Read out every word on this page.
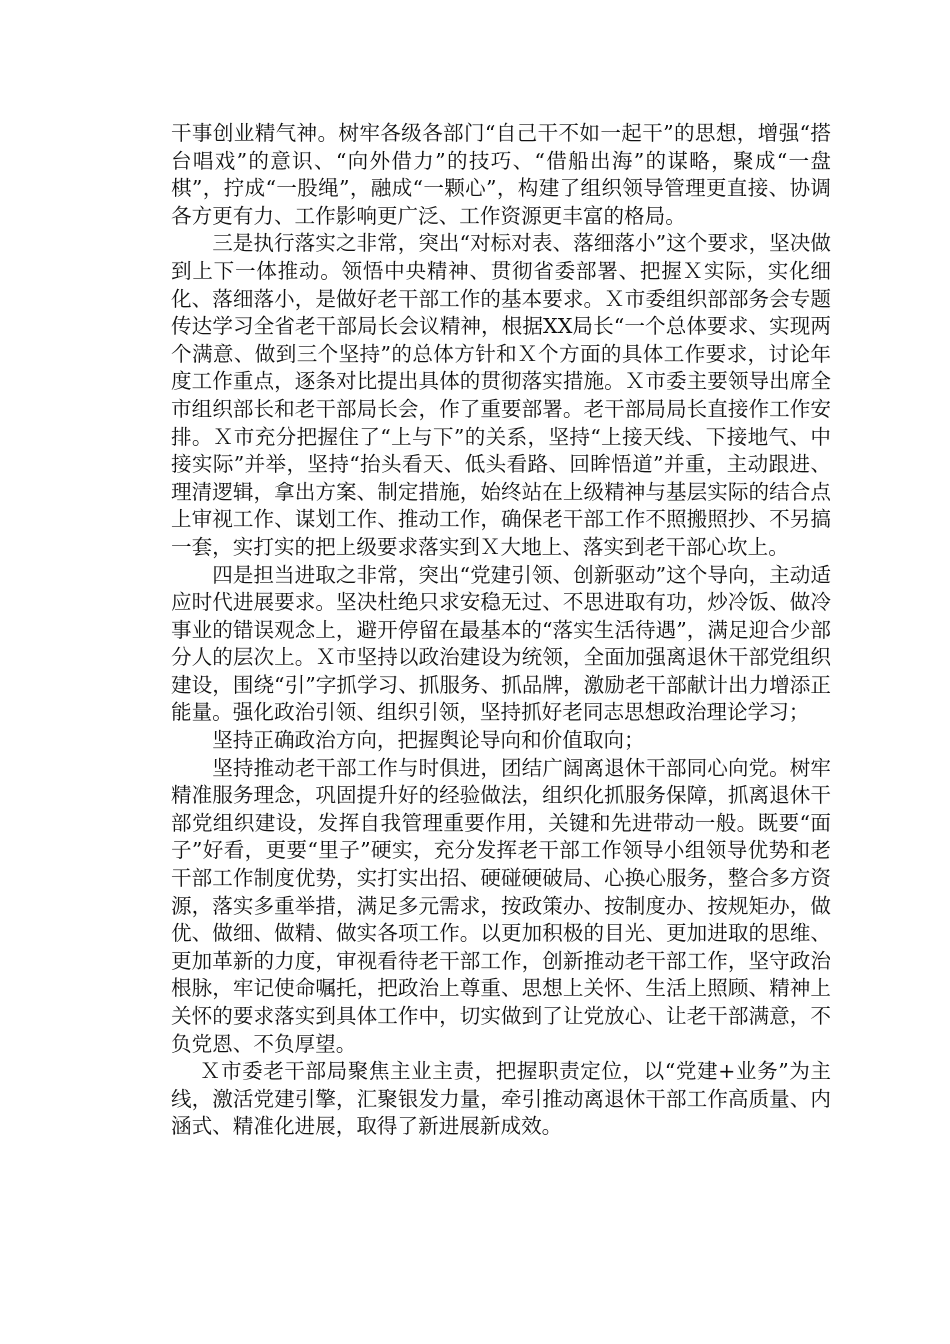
干事创业精气神。树牢各级各部门“自己干不如一起干”的思想，增强“搭台唱戏”的意识、“向外借力”的技巧、“借船出海”的谋略，聚成“一盘棋”，拧成“一股绳”，融成“一颗心”，构建了组织领导管理更直接、协调各方更有力、工作影响更广泛、工作资源更丰富的格局。

三是执行落实之非常，突出“对标对表、落细落小”这个要求，坚决做到上下一体推动。领悟中央精神、贯彻省委部署、把握Ｘ实际，实化细化、落细落小，是做好老干部工作的基本要求。Ｘ市委组织部部务会专题传达学习全省老干部局长会议精神，根据XX局长“一个总体要求、实现两个满意、做到三个坚持”的总体方针和Ｘ个方面的具体工作要求，讨论年度工作重点，逐条对比提出具体的贯彻落实措施。Ｘ市委主要领导出席全市组织部长和老干部局长会，作了重要部署。老干部局局长直接作工作安排。Ｘ市充分把握住了“上与下”的关系，坚持“上接天线、下接地气、中接实际”并举，坚持“抬头看天、低头看路、回眸悟道”并重，主动跟进、理清逻辑，拿出方案、制定措施，始终站在上级精神与基层实际的结合点上审视工作、谋划工作、推动工作，确保老干部工作不照搬照抄、不另搞一套，实打实的把上级要求落实到Ｘ大地上、落实到老干部心坎上。

四是担当进取之非常，突出“党建引领、创新驱动”这个导向，主动适应时代进展要求。坚决杜绝只求安稳无过、不思进取有功，炒冷饭、做冷事业的错误观念上，避开停留在最基本的“落实生活待遇”，满足迎合少部分人的层次上。Ｘ市坚持以政治建设为统领，全面加强离退休干部党组织建设，围绕“引”字抓学习、抓服务、抓品牌，激励老干部献计出力增添正能量。强化政治引领、组织引领，坚持抓好老同志思想政治理论学习；

坚持正确政治方向，把握舆论导向和价值取向；

坚持推动老干部工作与时俱进，团结广阔离退休干部同心向党。树牢精准服务理念，巩固提升好的经验做法，组织化抓服务保障，抓离退休干部党组织建设，发挥自我管理重要作用，关键和先进带动一般。既要“面子”好看，更要“里子”硬实，充分发挥老干部工作领导小组领导优势和老干部工作制度优势，实打实出招、硬碰硬破局、心换心服务，整合多方资源，落实多重举措，满足多元需求，按政策办、按制度办、按规矩办，做优、做细、做精、做实各项工作。以更加积极的目光、更加进取的思维、更加革新的力度，审视看待老干部工作，创新推动老干部工作，坚守政治根脉，牢记使命嘱托，把政治上尊重、思想上关怀、生活上照顾、精神上关怀的要求落实到具体工作中，切实做到了让党放心、让老干部满意，不负党恩、不负厚望。

Ｘ市委老干部局聚焦主业主责，把握职责定位，以“党建+业务”为主线，激活党建引擎，汇聚银发力量，牵引推动离退休干部工作高质量、内涵式、精准化进展，取得了新进展新成效。
